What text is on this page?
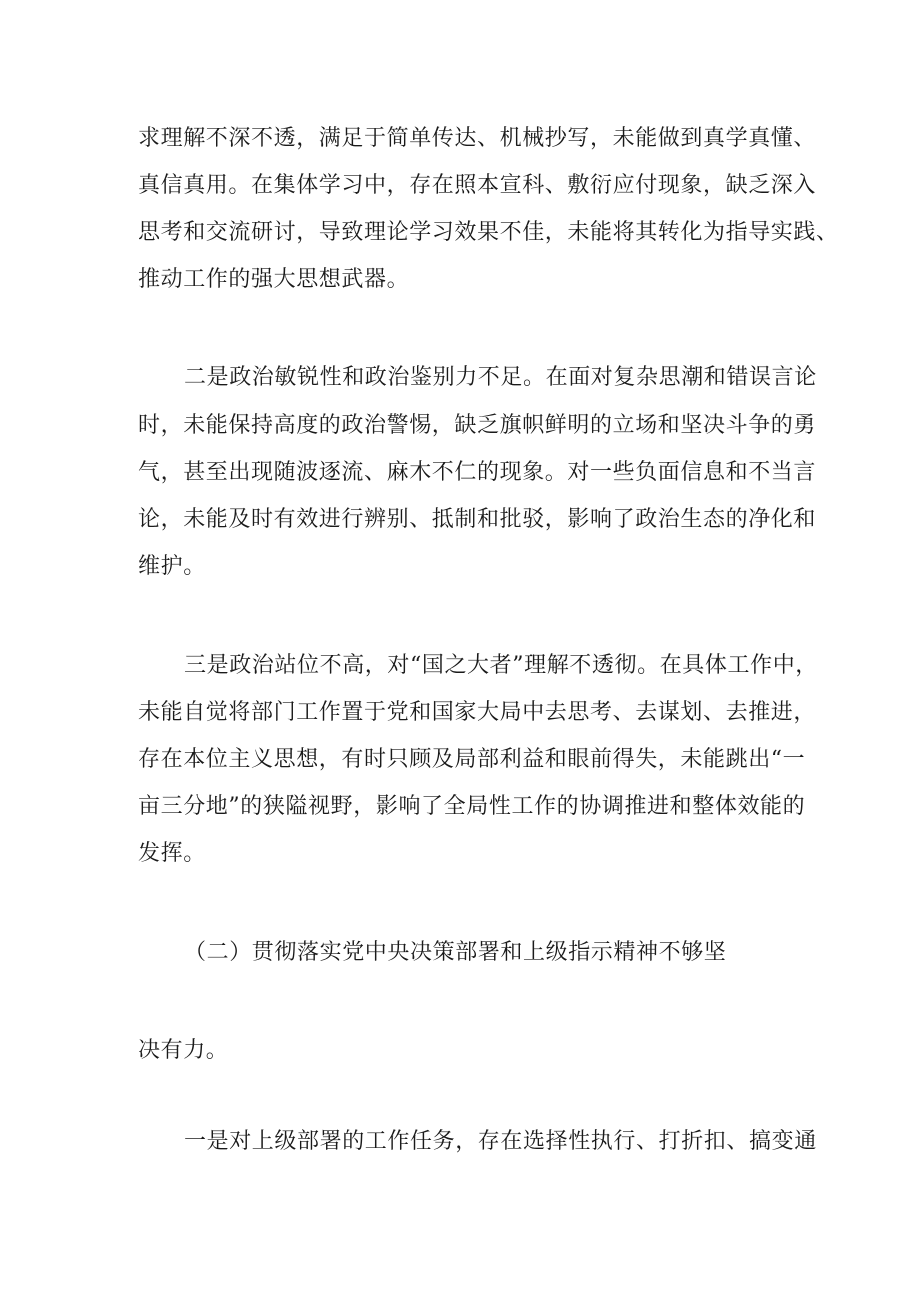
求理解不深不透，满足于简单传达、机械抄写，未能做到真学真懂、
真信真用。在集体学习中，存在照本宣科、敷衍应付现象，缺乏深入
思考和交流研讨，导致理论学习效果不佳，未能将其转化为指导实践、
推动工作的强大思想武器。
二是政治敏锐性和政治鉴别力不足。在面对复杂思潮和错误言论
时，未能保持高度的政治警惕，缺乏旗帜鲜明的立场和坚决斗争的勇
气，甚至出现随波逐流、麻木不仁的现象。对一些负面信息和不当言
论，未能及时有效进行辨别、抵制和批驳，影响了政治生态的净化和
维护。
三是政治站位不高，对“国之大者”理解不透彻。在具体工作中，
未能自觉将部门工作置于党和国家大局中去思考、去谋划、去推进，
存在本位主义思想，有时只顾及局部利益和眼前得失，未能跳出“一
亩三分地”的狭隘视野，影响了全局性工作的协调推进和整体效能的
发挥。
（二）贯彻落实党中央决策部署和上级指示精神不够坚
决有力。
一是对上级部署的工作任务，存在选择性执行、打折扣、搞变通
